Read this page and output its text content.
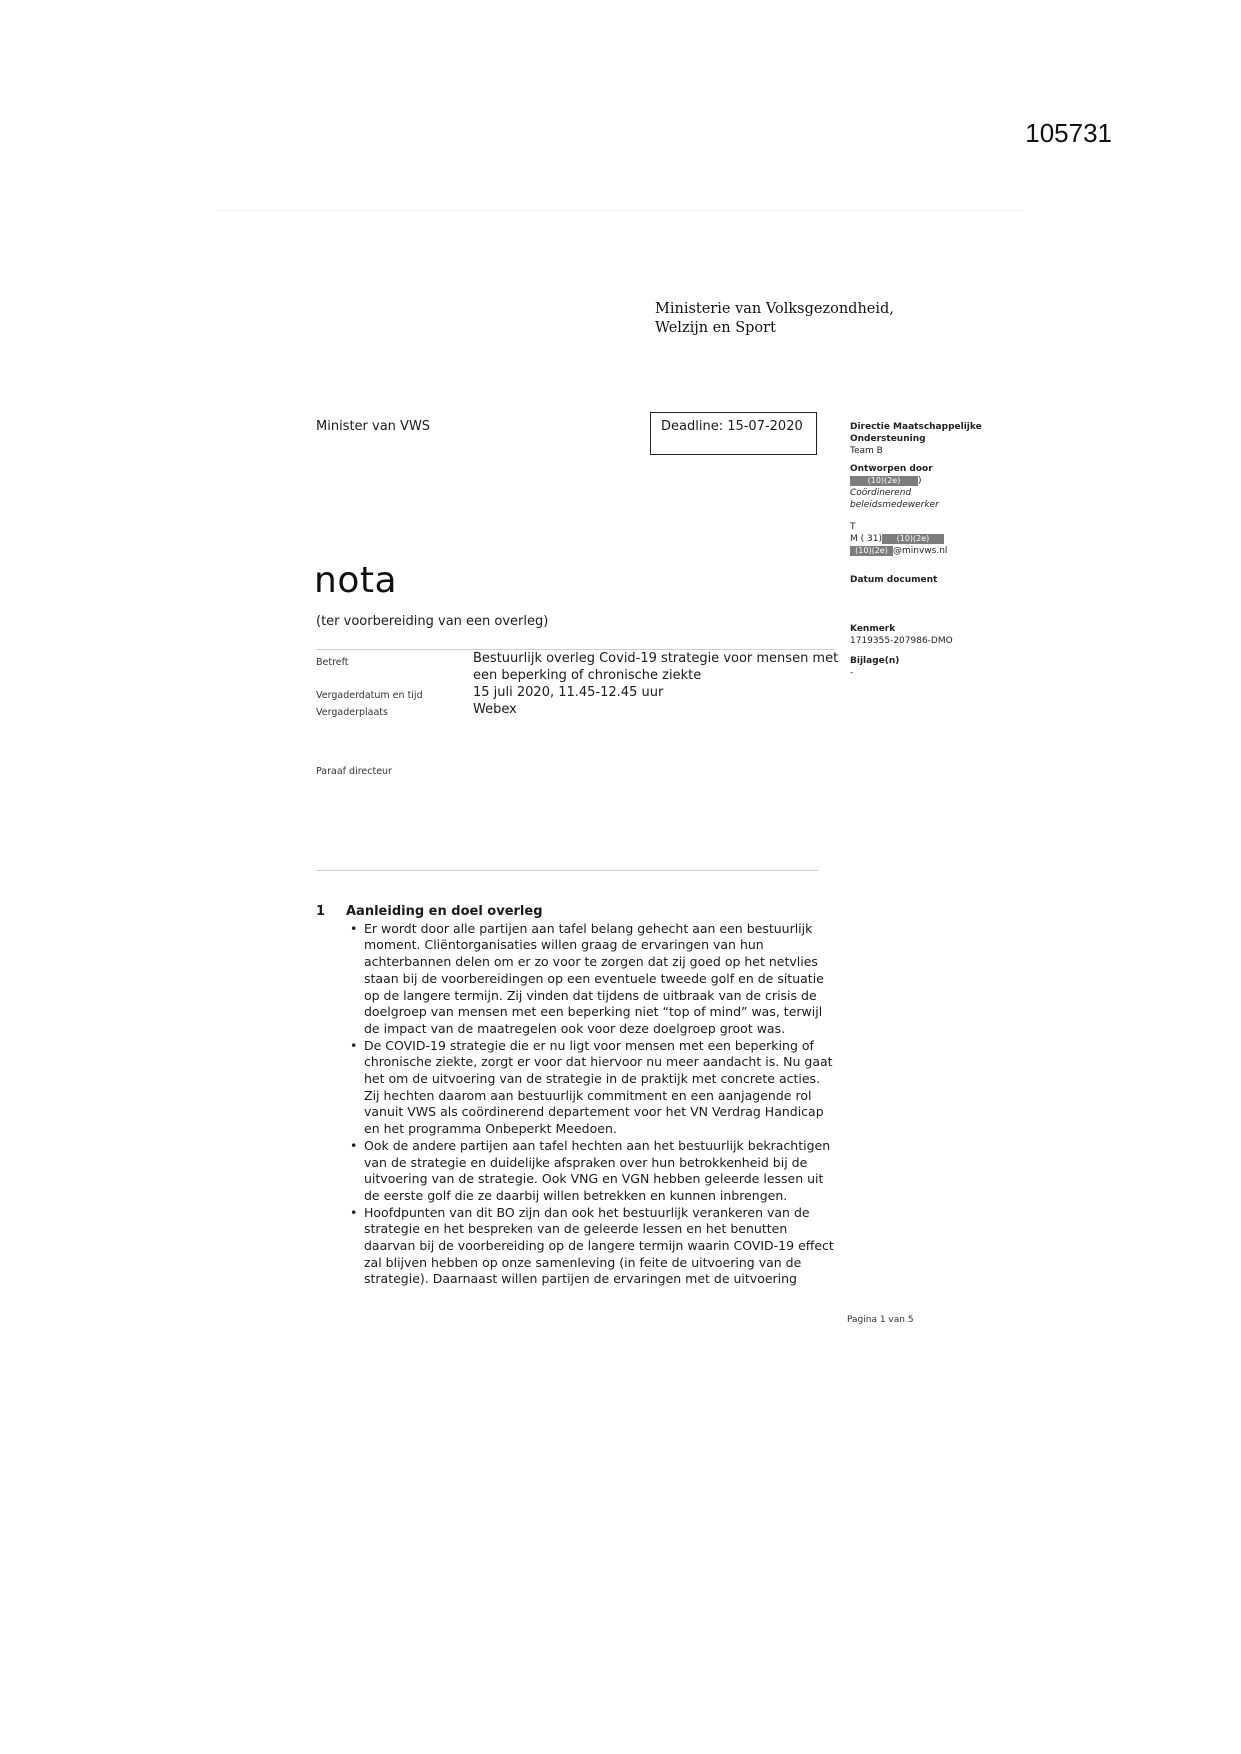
105731
Ministerie van Volksgezondheid,
Welzijn en Sport
Minister van VWS	Deadline: 15-07-2020
nota
(ter voorbereiding van een overleg)
Betreft	Bestuurlijk overleg Covid-19 strategie voor mensen met een beperking of chronische ziekte
Vergaderdatum en tijd	15 juli 2020, 11.45-12.45 uur
Vergaderplaats	Webex
Paraaf directeur
1 Aanleiding en doel overleg
• Er wordt door alle partijen aan tafel belang gehecht aan een bestuurlijk moment. Cliëntorganisaties willen graag de ervaringen van hun achterbannen delen om er zo voor te zorgen dat zij goed op het netvlies staan bij de voorbereidingen op een eventuele tweede golf en de situatie op de langere termijn. Zij vinden dat tijdens de uitbraak van de crisis de doelgroep van mensen met een beperking niet “top of mind” was, terwijl de impact van de maatregelen ook voor deze doelgroep groot was.
• De COVID-19 strategie die er nu ligt voor mensen met een beperking of chronische ziekte, zorgt er voor dat hiervoor nu meer aandacht is. Nu gaat het om de uitvoering van de strategie in de praktijk met concrete acties. Zij hechten daarom aan bestuurlijk commitment en een aanjagende rol vanuit VWS als coördinerend departement voor het VN Verdrag Handicap en het programma Onbeperkt Meedoen.
• Ook de andere partijen aan tafel hechten aan het bestuurlijk bekrachtigen van de strategie en duidelijke afspraken over hun betrokkenheid bij de uitvoering van de strategie. Ook VNG en VGN hebben geleerde lessen uit de eerste golf die ze daarbij willen betrekken en kunnen inbrengen.
• Hoofdpunten van dit BO zijn dan ook het bestuurlijk verankeren van de strategie en het bespreken van de geleerde lessen en het benutten daarvan bij de voorbereiding op de langere termijn waarin COVID-19 effect zal blijven hebben op onze samenleving (in feite de uitvoering van de strategie). Daarnaast willen partijen de ervaringen met de uitvoering
Directie Maatschappelijke Ondersteuning
Team B
Ontworpen door
(10)(2e) )
Coördinerend beleidsmedewerker
T
M ( 31) (10)(2e)
(10)(2e) @minvws.nl
Datum document
Kenmerk
1719355-207986-DMO
Bijlage(n)
-
Pagina 1 van 5
